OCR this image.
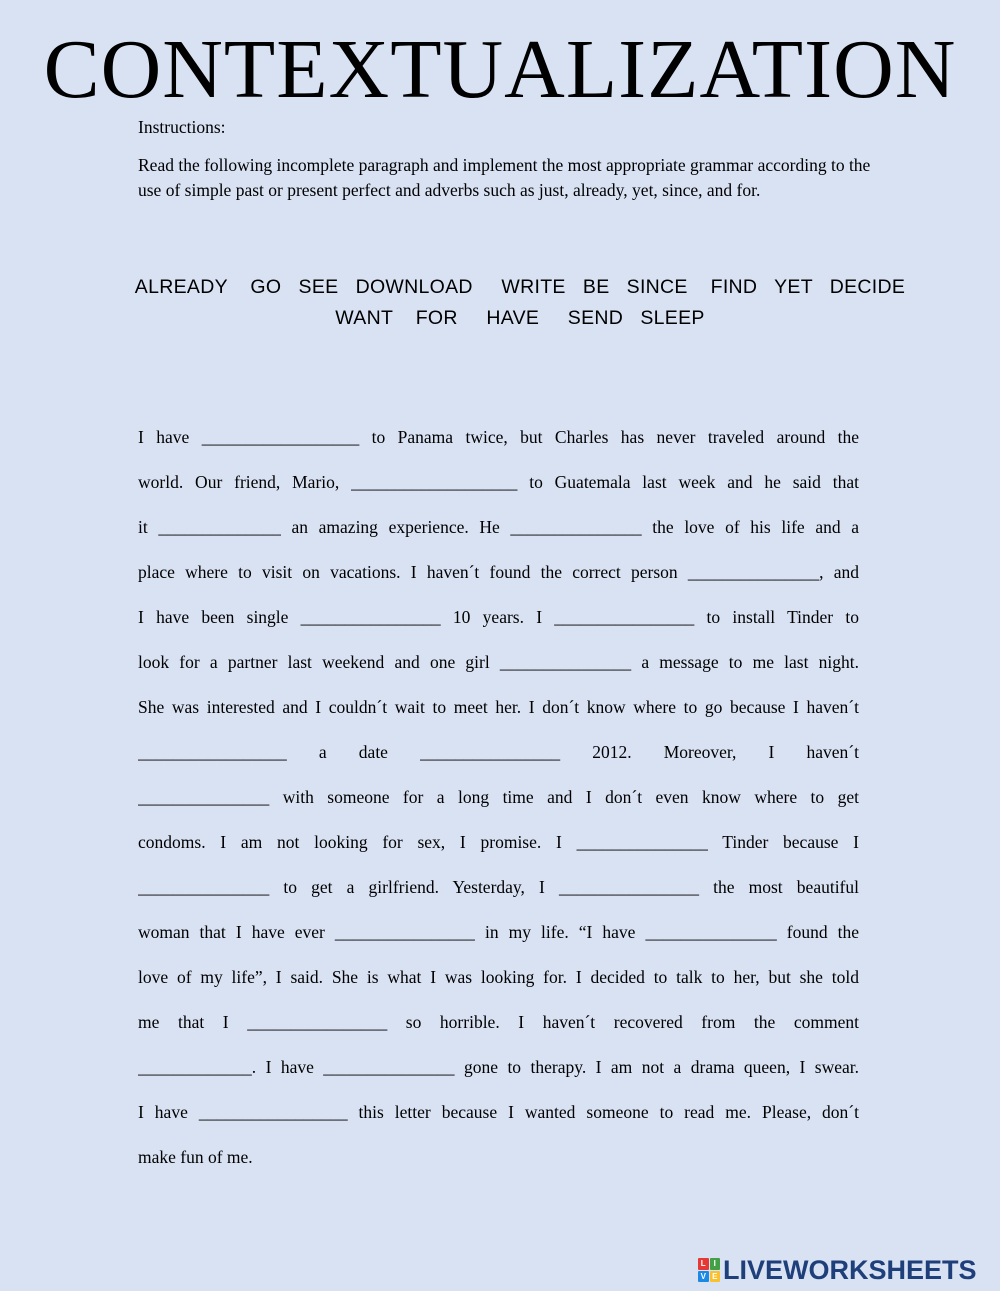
CONTEXTUALIZATION
Instructions:
Read the following incomplete paragraph and implement the most appropriate grammar according to the use of simple past or present perfect and adverbs such as just, already, yet, since, and for.
ALREADY    GO   SEE   DOWNLOAD     WRITE   BE   SINCE    FIND   YET   DECIDE
WANT    FOR     HAVE     SEND   SLEEP
I have __________________ to Panama twice, but Charles has never traveled around the
world. Our friend, Mario, ___________________ to Guatemala last week and he said that
it ______________ an amazing experience. He _______________ the love of his life and a
place where to visit on vacations. I haven´t found the correct person _______________, and
I have been single ________________ 10 years. I ________________ to install Tinder to
look for a partner last weekend and one girl _______________ a message to me last night.
She was interested and I couldn´t wait to meet her. I don´t know where to go because I haven´t
_________________ a date ________________ 2012. Moreover, I haven´t
_______________ with someone for a long time and I don´t even know where to get
condoms. I am not looking for sex, I promise. I _______________ Tinder because I
_______________ to get a girlfriend. Yesterday, I ________________ the most beautiful
woman that I have ever ________________ in my life. “I have _______________ found the
love of my life”, I said. She is what I was looking for. I decided to talk to her, but she told
me that I ________________ so horrible. I haven´t recovered from the comment
_____________. I have _______________ gone to therapy. I am not a drama queen, I swear.
I have _________________ this letter because I wanted someone to read me. Please, don´t
make fun of me.
L I
V E LIVEWORKSHEETS
